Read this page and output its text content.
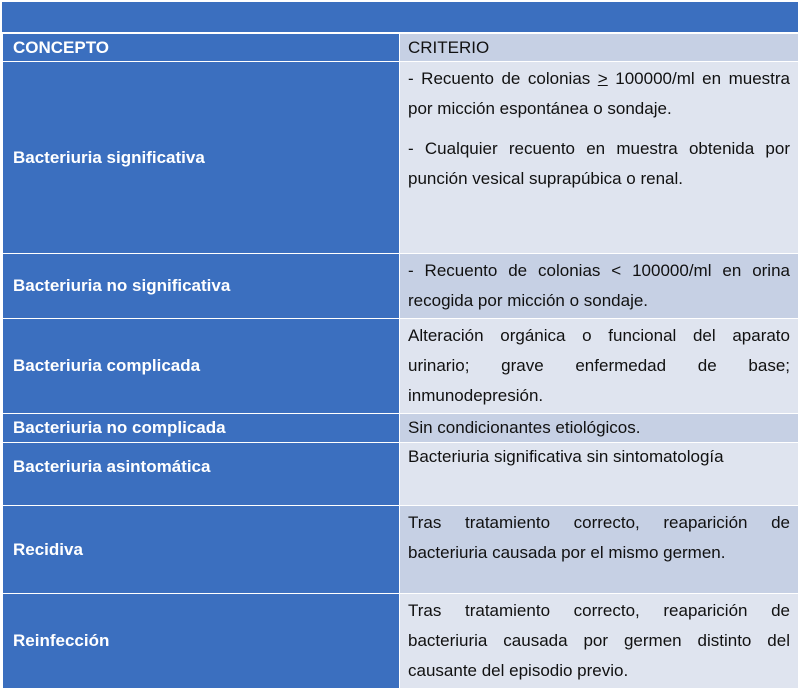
CONCEPTO	CRITERIO
Bacteriuria significativa	- Recuento de colonias ≥ 100000/ml en muestra por micción espontánea o sondaje.

- Cualquier recuento en muestra obtenida por punción vesical suprapúbica o renal.

Bacteriuria no significativa	- Recuento de colonias < 100000/ml en orina recogida por micción o sondaje.

Bacteriuria complicada	Alteración orgánica o funcional del aparato urinario; grave enfermedad de base; inmunodepresión.

Bacteriuria no complicada	Sin condicionantes etiológicos.

Bacteriuria asintomática	Bacteriuria significativa sin sintomatología

Recidiva	Tras tratamiento correcto, reaparición de bacteriuria causada por el mismo germen.

Reinfección	Tras tratamiento correcto, reaparición de bacteriuria causada por germen distinto del causante del episodio previo.
